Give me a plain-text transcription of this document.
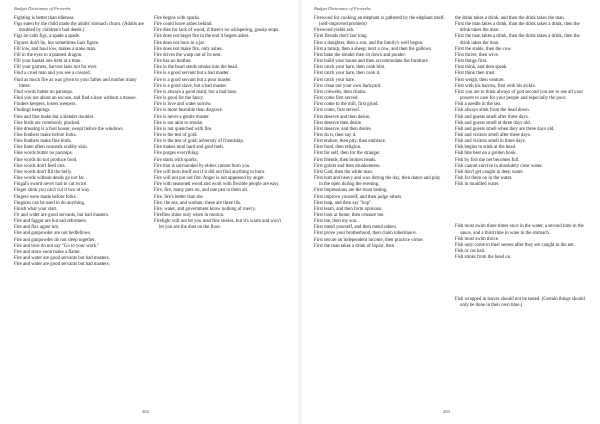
Budget Dictionary of Proverbs

Fighting is better than idleness.

Figs eaten by the child made the adults' stomach churn. (Adults are troubled by children's bad deeds.)

Figs he calls figs, a spade a spade.

Figures don't lie, but sometimes liars figure.

Fill low, and haul low, makes a stake man.

Fill in the eyes to a painted dragon.

Fill your basket one item at a time.

Fill your garners, harvest lasts not for ever.

Find a cruel man and you see a coward.

Find as much fire as was given to your father and mother many times.

Find words butter no parsnips.

Find you not about an excuse, and find a hare without a mouse.

Finders keepers, losers weepers.

Findings keepings.

Fine and fine make but a slender doublet.

Fine birds are commonly plucked.

Fine dressing is a foul house; swept before the windows.

Fine feathers make before forks.

Fine feathers make fine birds.

Fine linen often conceals scabby skin.

Fine words butter no parsnips.

Fine words do not produce food.

Fine words don't feed cats.

Fine words don't fill the belly.

Fine words without deeds go not far.

Fingal's sword never had to cut twice.

Finger stink you can't cut it two at way.

Fingers were made before forks.

Fingures can be used to do anything.

Finish what your start.

Fir and water are good servants, but bad masters.

Fire and faggot are but sad reformers.

Fire and flax agree not.

Fire and gunpowder are not bedfellows.

Fire and gunpowder do not sleep together.

Fire and love do not say "Go to your work."

Fire and straw soon make a flame.

Fire and water are good servants but bad masters.

Fire and water are good servants but bad masters.

Fire begins with sparks.

Fire could leave ashes behind.

Fire dies for lack of wood; if there's no whispering, gossip stops.

Fire does not beget fire in the end it begets ashes.

Fire does not burn in a jar.

Fire does not make fire, only ashes.

Fire drives the wasp out of its nest.

Fire has no mother.

Fire in the heart sends smoke into the head.

Fire is a good servant but a bad master.

Fire is a good servant but a poor master.

Fire is a good slave, but a bad master.

Fire is always a good maid, but a bad boss.

Fire is good for the fancy.

Fire is love and water sorrow.

Fire is more bearable than disgrace.

Fire is never a gentle master.

Fire is not akin to smoke.

Fire is not quenched with fire.

Fire is the test of gold.

Fire is the test of gold; adversity of friendship.

Fire makes mud hard and gold melt.

Fire purges everything.

Fire starts with sparks.

Fire that is surrounded by elders cannot burn you.

Fire will burn itself out if it did not find anything to burn.

Fire will not put out fire. Anger is not appeased by anger.

Fire with seasoned wood and work with flexible people are easy.

Fire, fire, many pots on, and one pea in them all.

Fire, fire's better than me.

Fire, the sea, and woman; these are three ills.

Fire, water, and government know nothing of mercy.

Fireflies shine only when in motion.

Firelight will not let you read fine stories, but it's warm and won't let you see the dust on the floor.

202
Budget Dictionary of Proverbs

Firewood for cooking an elephant is gathered by the elephant itself. (self-improved problem)

Firewood yields ash.

Firm Breads don't last long.

First a daughter, then a son, and the family's well begun.

First a turnip, then a sheep; next a cow, and then the gallows.

First bake the strudel then sit down and ponder.

First build your house and then accommodate the furniture.

First catch your hare, then cook him.

First catch your hare, then cook it.

First catch your hare.

First clean out your own backyard.

First cobwebs, then chains.

First come first served.

First come to the mill, first grind.

First come, first served.

First deserve and then desire.

First deserve then desire.

First deserve, and then desire.

First do it, then say it.

First endure, then pity, then embrace.

First food, then religion.

First for self, then for the stranger.

First friends, then broken heads.

First goblet and then drunkenness.

First God, then the white man.

First hurt and heavy and wax during the day, then dance and play in the open during the evening.

First impressions are the most lasting.

First improve yourself, and then judge others.

First leap, and then say "hop".

First learn, and then form opinions.

First look at home, then censure me.

First me, then my son.

First mend yourself, and then mend others.

First prove your brotherhood, then claim inheritance.

First secure an independent income, then practice virtue.

First the man takes a drink of liquor, then

the drink takes a drink, and then the drink takes the man.

First the man takes a drink, than the drink takes a drink, then the drink takes the man.

First the man takes a drink, then the drink takes a drink, then the drink takes the man.

First the stable, then the cow.

First thrive, then wive.

First things first.

First think, and then speak.

First think then trust.

First weigh, then venture.

First with his barrow, first with his sickle.

First you are to think always of god second you are to use all your powers to care for your people and especially the poor.

Fish a needle in the sea.

Fish always stink from the head down.

Fish and guests smell after three days.

Fish and guests smell at three days old.

Fish and guests smell when they are three days old.

Fish and visitors smell after three days.

Fish and visitors smell in three days.

Fish begins to stink at the head.

Fish bite best on a golden hook.

Fish by fish the net becomes full.

Fish cannot survive in absolutely clear water.

Fish don't get caught in deep water.

Fish for them on in the water.

Fish in muddied water.

Fish must swim three times once in the water, a second time in the sauce, and a third time in wine in the stomach.

Fish must swim thrice.

Fish only come to their senses after they are caught in the net.

Fish or cut bait.

Fish stinks from the head on.

Fish wrapped in leaves should not be tasted. (Certain things should only be done in their own time.)

203
